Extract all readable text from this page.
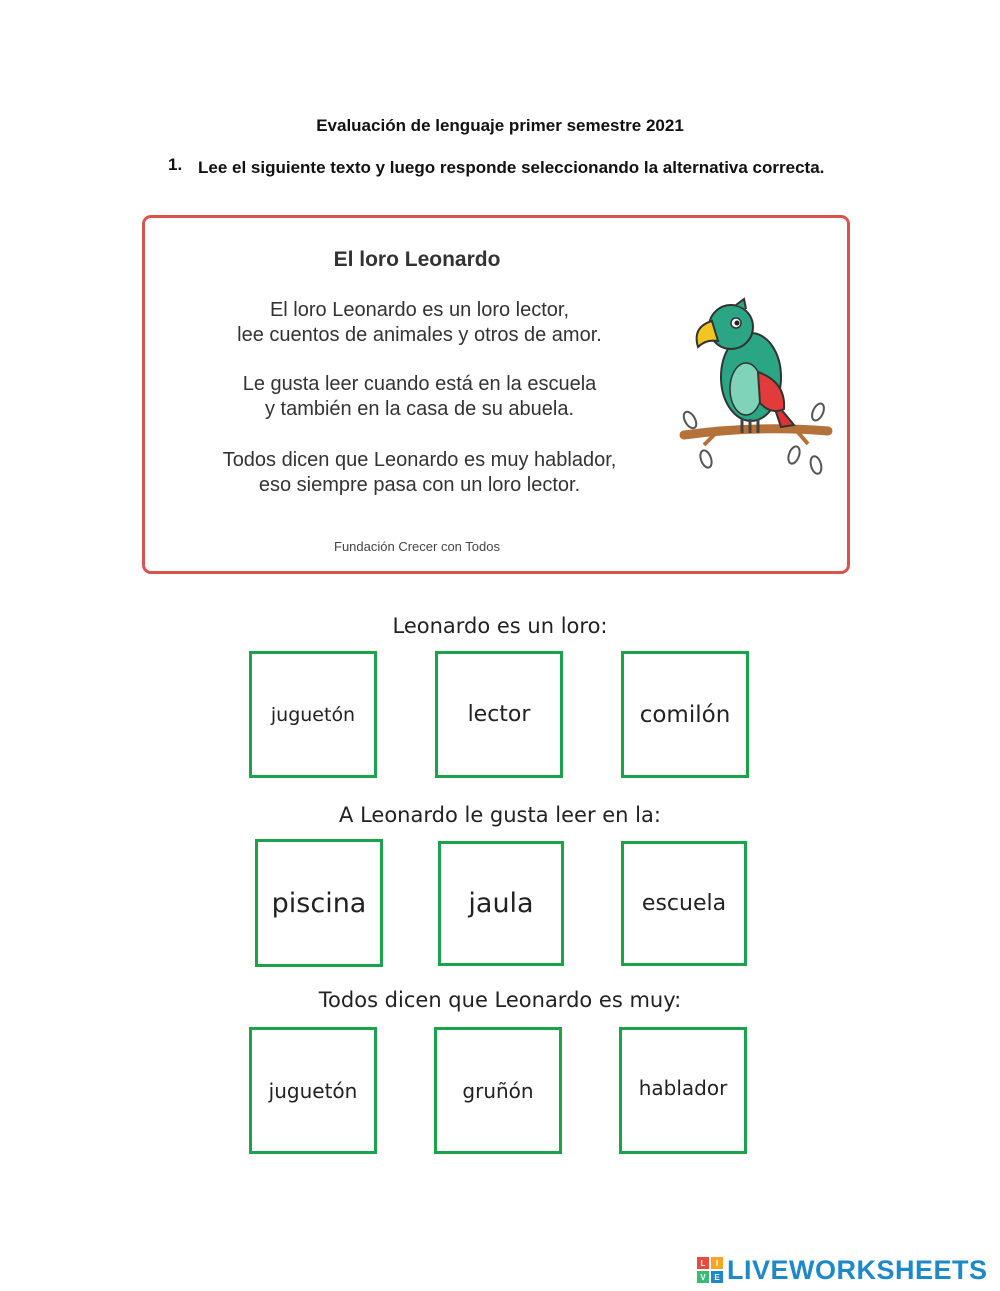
Evaluación de lenguaje primer semestre 2021
1. Lee el siguiente texto y luego responde seleccionando la alternativa correcta.
El loro Leonardo
El loro Leonardo es un loro lector,
lee cuentos de animales y otros de amor.
Le gusta leer cuando está en la escuela
y también en la casa de su abuela.
Todos dicen que Leonardo es muy hablador,
eso siempre pasa con un loro lector.
Fundación Crecer con Todos
Leonardo es un loro:
juguetón	lector	comilón
A Leonardo le gusta leer en la:
piscina	jaula	escuela
Todos dicen que Leonardo es muy:
juguetón	gruñón	hablador
L	I
V	E LIVEWORKSHEETS
